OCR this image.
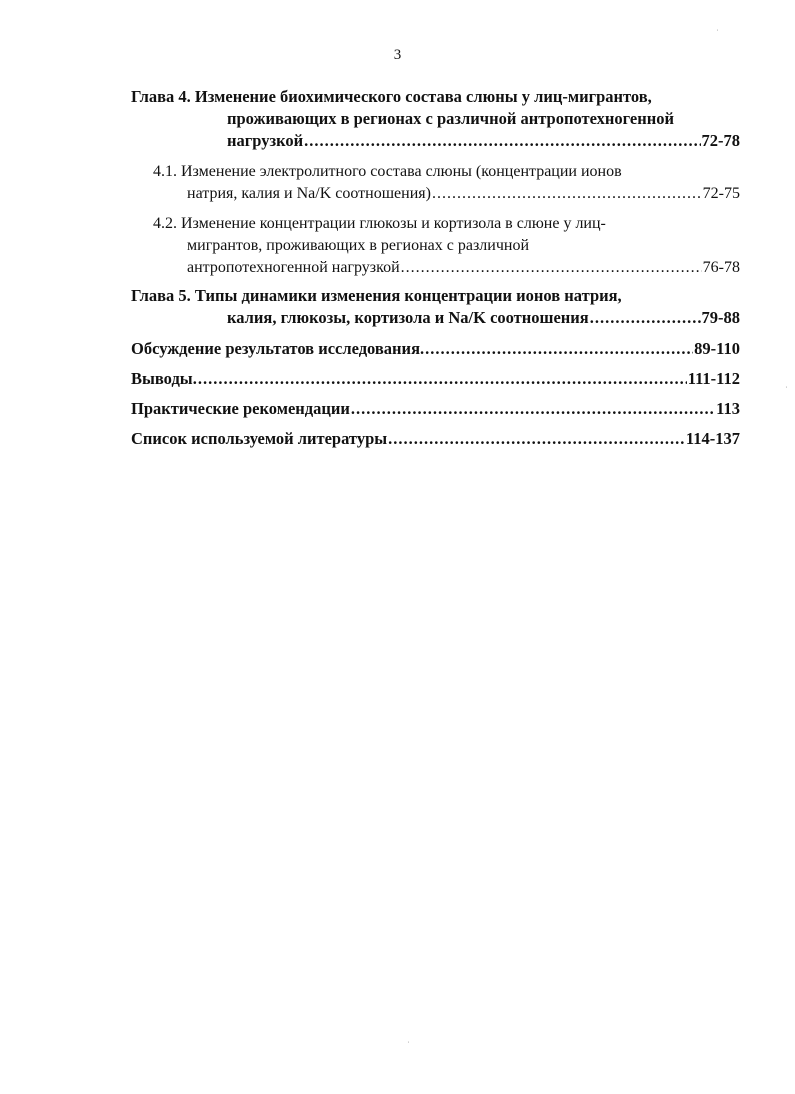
3
Глава 4. Изменение биохимического состава слюны у лиц-мигрантов,
проживающих в регионах с различной антропотехногенной
нагрузкой .....	72-78
4.1. Изменение электролитного состава слюны (концентрации ионов
натрия, калия и Na/K соотношения) .....	72-75
4.2. Изменение концентрации глюкозы и кортизола в слюне у лиц-
мигрантов, проживающих в регионах с различной
антропотехногенной нагрузкой .....	76-78
Глава 5. Типы динамики изменения концентрации ионов натрия,
калия, глюкозы, кортизола и Na/K соотношения .....	79-88
Обсуждение результатов исследования. .....	89-110
Выводы. .....	111-112
Практические рекомендации .....	113
Список используемой литературы .....	114-137
˙
˙
˙
